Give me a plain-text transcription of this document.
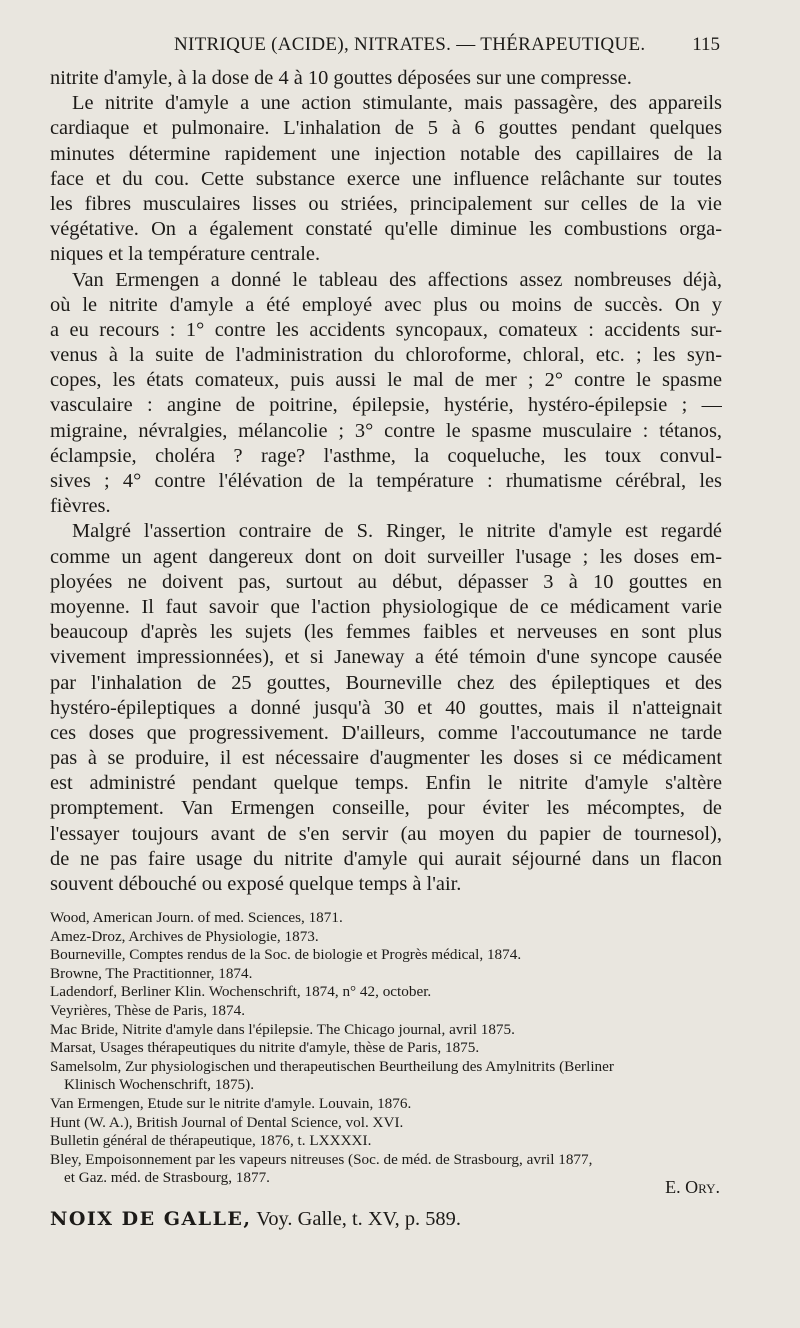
NITRIQUE (ACIDE), NITRATES. — THÉRAPEUTIQUE. 115
nitrite d'amyle, à la dose de 4 à 10 gouttes déposées sur une compresse.
Le nitrite d'amyle a une action stimulante, mais passagère, des appareils
cardiaque et pulmonaire. L'inhalation de 5 à 6 gouttes pendant quelques
minutes détermine rapidement une injection notable des capillaires de la
face et du cou. Cette substance exerce une influence relâchante sur toutes
les fibres musculaires lisses ou striées, principalement sur celles de la vie
végétative. On a également constaté qu'elle diminue les combustions orga-
niques et la température centrale.
Van Ermengen a donné le tableau des affections assez nombreuses déjà,
où le nitrite d'amyle a été employé avec plus ou moins de succès. On y
a eu recours : 1° contre les accidents syncopaux, comateux : accidents sur-
venus à la suite de l'administration du chloroforme, chloral, etc. ; les syn-
copes, les états comateux, puis aussi le mal de mer ; 2° contre le spasme
vasculaire : angine de poitrine, épilepsie, hystérie, hystéro-épilepsie ; —
migraine, névralgies, mélancolie ; 3° contre le spasme musculaire : tétanos,
éclampsie, choléra ? rage? l'asthme, la coqueluche, les toux convul-
sives ; 4° contre l'élévation de la température : rhumatisme cérébral, les
fièvres.
Malgré l'assertion contraire de S. Ringer, le nitrite d'amyle est regardé
comme un agent dangereux dont on doit surveiller l'usage ; les doses em-
ployées ne doivent pas, surtout au début, dépasser 3 à 10 gouttes en
moyenne. Il faut savoir que l'action physiologique de ce médicament varie
beaucoup d'après les sujets (les femmes faibles et nerveuses en sont plus
vivement impressionnées), et si Janeway a été témoin d'une syncope causée
par l'inhalation de 25 gouttes, Bourneville chez des épileptiques et des
hystéro-épileptiques a donné jusqu'à 30 et 40 gouttes, mais il n'atteignait
ces doses que progressivement. D'ailleurs, comme l'accoutumance ne tarde
pas à se produire, il est nécessaire d'augmenter les doses si ce médicament
est administré pendant quelque temps. Enfin le nitrite d'amyle s'altère
promptement. Van Ermengen conseille, pour éviter les mécomptes, de
l'essayer toujours avant de s'en servir (au moyen du papier de tournesol),
de ne pas faire usage du nitrite d'amyle qui aurait séjourné dans un flacon
souvent débouché ou exposé quelque temps à l'air.
Wood, American Journ. of med. Sciences, 1871.
Amez-Droz, Archives de Physiologie, 1873.
Bourneville, Comptes rendus de la Soc. de biologie et Progrès médical, 1874.
Browne, The Practitionner, 1874.
Ladendorf, Berliner Klin. Wochenschrift, 1874, n° 42, october.
Veyrières, Thèse de Paris, 1874.
Mac Bride, Nitrite d'amyle dans l'épilepsie. The Chicago journal, avril 1875.
Marsat, Usages thérapeutiques du nitrite d'amyle, thèse de Paris, 1875.
Samelsolm, Zur physiologischen und therapeutischen Beurtheilung des Amylnitrits (Berliner
Klinisch Wochenschrift, 1875).
Van Ermengen, Etude sur le nitrite d'amyle. Louvain, 1876.
Hunt (W. A.), British Journal of Dental Science, vol. XVI.
Bulletin général de thérapeutique, 1876, t. LXXXXI.
Bley, Empoisonnement par les vapeurs nitreuses (Soc. de méd. de Strasbourg, avril 1877,
et Gaz. méd. de Strasbourg, 1877.	E. Ory.
NOIX DE GALLE, Voy. Galle, t. XV, p. 589.
